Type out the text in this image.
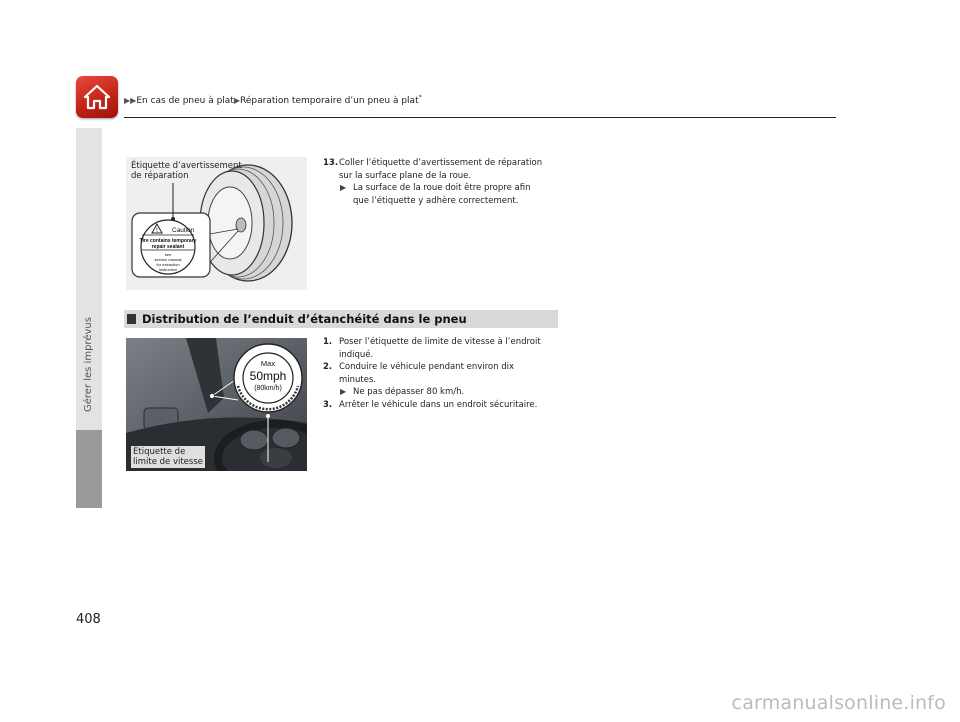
▶▶En cas de pneu à plat▶Réparation temporaire d’un pneu à plat*
Gérer les imprévus
! Caution
Tire contains temporary
repair sealant
see
service manual
for extraction
instruction
Étiquette d’avertissement
de réparation
13. Coller l’étiquette d’avertissement de réparation
sur la surface plane de la roue.
▶ La surface de la roue doit être propre afin
que l’étiquette y adhère correctement.
Distribution de l’enduit d’étanchéité dans le pneu
Max
50mph
(80km/h)
Étiquette de
limite de vitesse
1. Poser l’étiquette de limite de vitesse à l’endroit
indiqué.
2. Conduire le véhicule pendant environ dix
minutes.
▶ Ne pas dépasser 80 km/h.
3. Arrêter le véhicule dans un endroit sécuritaire.
408
carmanualsonline.info
